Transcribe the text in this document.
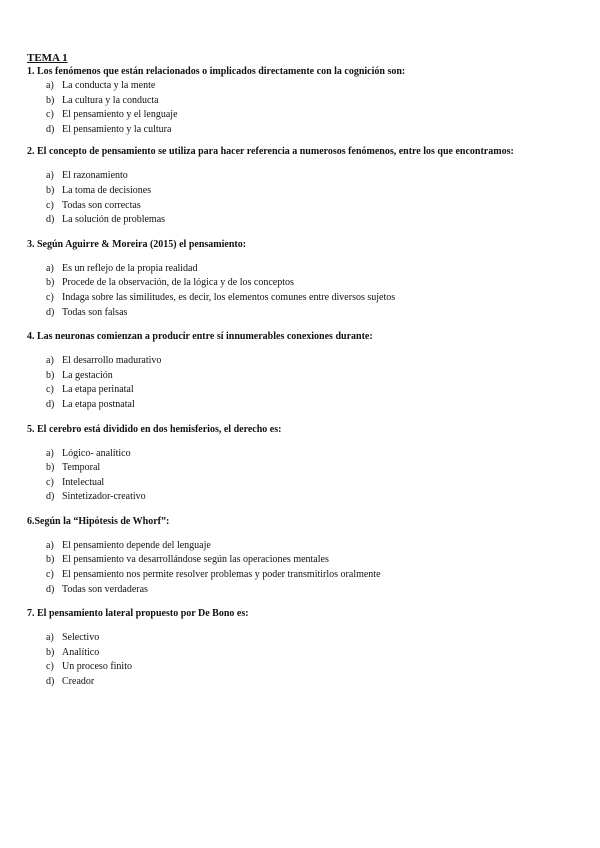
TEMA 1
1. Los fenómenos que están relacionados o implicados directamente con la cognición son:
a) La conducta y la mente
b) La cultura y la conducta
c) El pensamiento y el lenguaje
d) El pensamiento y la cultura
2. El concepto de pensamiento se utiliza para hacer referencia a numerosos fenómenos, entre los que encontramos:
a) El razonamiento
b) La toma de decisiones
c) Todas son correctas
d) La solución de problemas
3. Según Aguirre & Moreira (2015) el pensamiento:
a) Es un reflejo de la propia realidad
b) Procede de la observación, de la lógica y de los conceptos
c) Indaga sobre las similitudes, es decir, los elementos comunes entre diversos sujetos
d) Todas son falsas
4. Las neuronas comienzan a producir entre sí innumerables conexiones durante:
a) El desarrollo madurativo
b) La gestación
c) La etapa perinatal
d) La etapa postnatal
5. El cerebro está dividido en dos hemisferios, el derecho es:
a) Lógico- analítico
b) Temporal
c) Intelectual
d) Sintetizador-creativo
6.Según la “Hipótesis de Whorf”:
a) El pensamiento depende del lenguaje
b) El pensamiento va desarrollándose según las operaciones mentales
c) El pensamiento nos permite resolver problemas y poder transmitirlos oralmente
d) Todas son verdaderas
7. El pensamiento lateral propuesto por De Bono es:
a) Selectivo
b) Analítico
c) Un proceso finito
d) Creador
